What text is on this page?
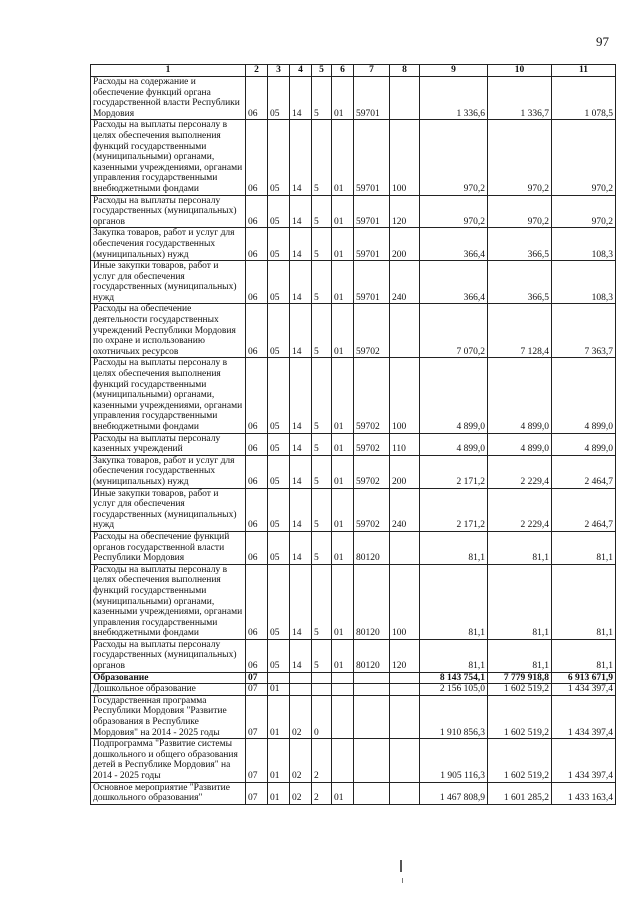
97
1	2	3	4	5	6	7	8	9	10	11
Расходы на содержание и обеспечение функций органа государственной власти Республики Мордовия	06	05	14	5	01	59701		1 336,6	1 336,7	1 078,5
Расходы на выплаты персоналу в целях обеспечения выполнения функций государственными (муниципальными) органами, казенными учреждениями, органами управления государственными внебюджетными фондами	06	05	14	5	01	59701	100	970,2	970,2	970,2
Расходы на выплаты персоналу государственных (муниципальных) органов	06	05	14	5	01	59701	120	970,2	970,2	970,2
Закупка товаров, работ и услуг для обеспечения государственных (муниципальных) нужд	06	05	14	5	01	59701	200	366,4	366,5	108,3
Иные закупки товаров, работ и услуг для обеспечения государственных (муниципальных) нужд	06	05	14	5	01	59701	240	366,4	366,5	108,3
Расходы на обеспечение деятельности государственных учреждений Республики Мордовия по охране и использованию охотничьих ресурсов	06	05	14	5	01	59702		7 070,2	7 128,4	7 363,7
Расходы на выплаты персоналу в целях обеспечения выполнения функций государственными (муниципальными) органами, казенными учреждениями, органами управления государственными внебюджетными фондами	06	05	14	5	01	59702	100	4 899,0	4 899,0	4 899,0
Расходы на выплаты персоналу казенных учреждений	06	05	14	5	01	59702	110	4 899,0	4 899,0	4 899,0
Закупка товаров, работ и услуг для обеспечения государственных (муниципальных) нужд	06	05	14	5	01	59702	200	2 171,2	2 229,4	2 464,7
Иные закупки товаров, работ и услуг для обеспечения государственных (муниципальных) нужд	06	05	14	5	01	59702	240	2 171,2	2 229,4	2 464,7
Расходы на обеспечение функций органов государственной власти Республики Мордовия	06	05	14	5	01	80120		81,1	81,1	81,1
Расходы на выплаты персоналу в целях обеспечения выполнения функций государственными (муниципальными) органами, казенными учреждениями, органами управления государственными внебюджетными фондами	06	05	14	5	01	80120	100	81,1	81,1	81,1
Расходы на выплаты персоналу государственных (муниципальных) органов	06	05	14	5	01	80120	120	81,1	81,1	81,1
Образование	07							8 143 754,1	7 779 918,8	6 913 671,9
Дошкольное образование	07	01						2 156 105,0	1 602 519,2	1 434 397,4
Государственная программа Республики Мордовия "Развитие образования в Республике Мордовия" на 2014 - 2025 годы	07	01	02	0				1 910 856,3	1 602 519,2	1 434 397,4
Подпрограмма "Развитие системы дошкольного и общего образования детей в Республике Мордовия" на 2014 - 2025 годы	07	01	02	2				1 905 116,3	1 602 519,2	1 434 397,4
Основное мероприятие "Развитие дошкольного образования"	07	01	02	2	01			1 467 808,9	1 601 285,2	1 433 163,4
